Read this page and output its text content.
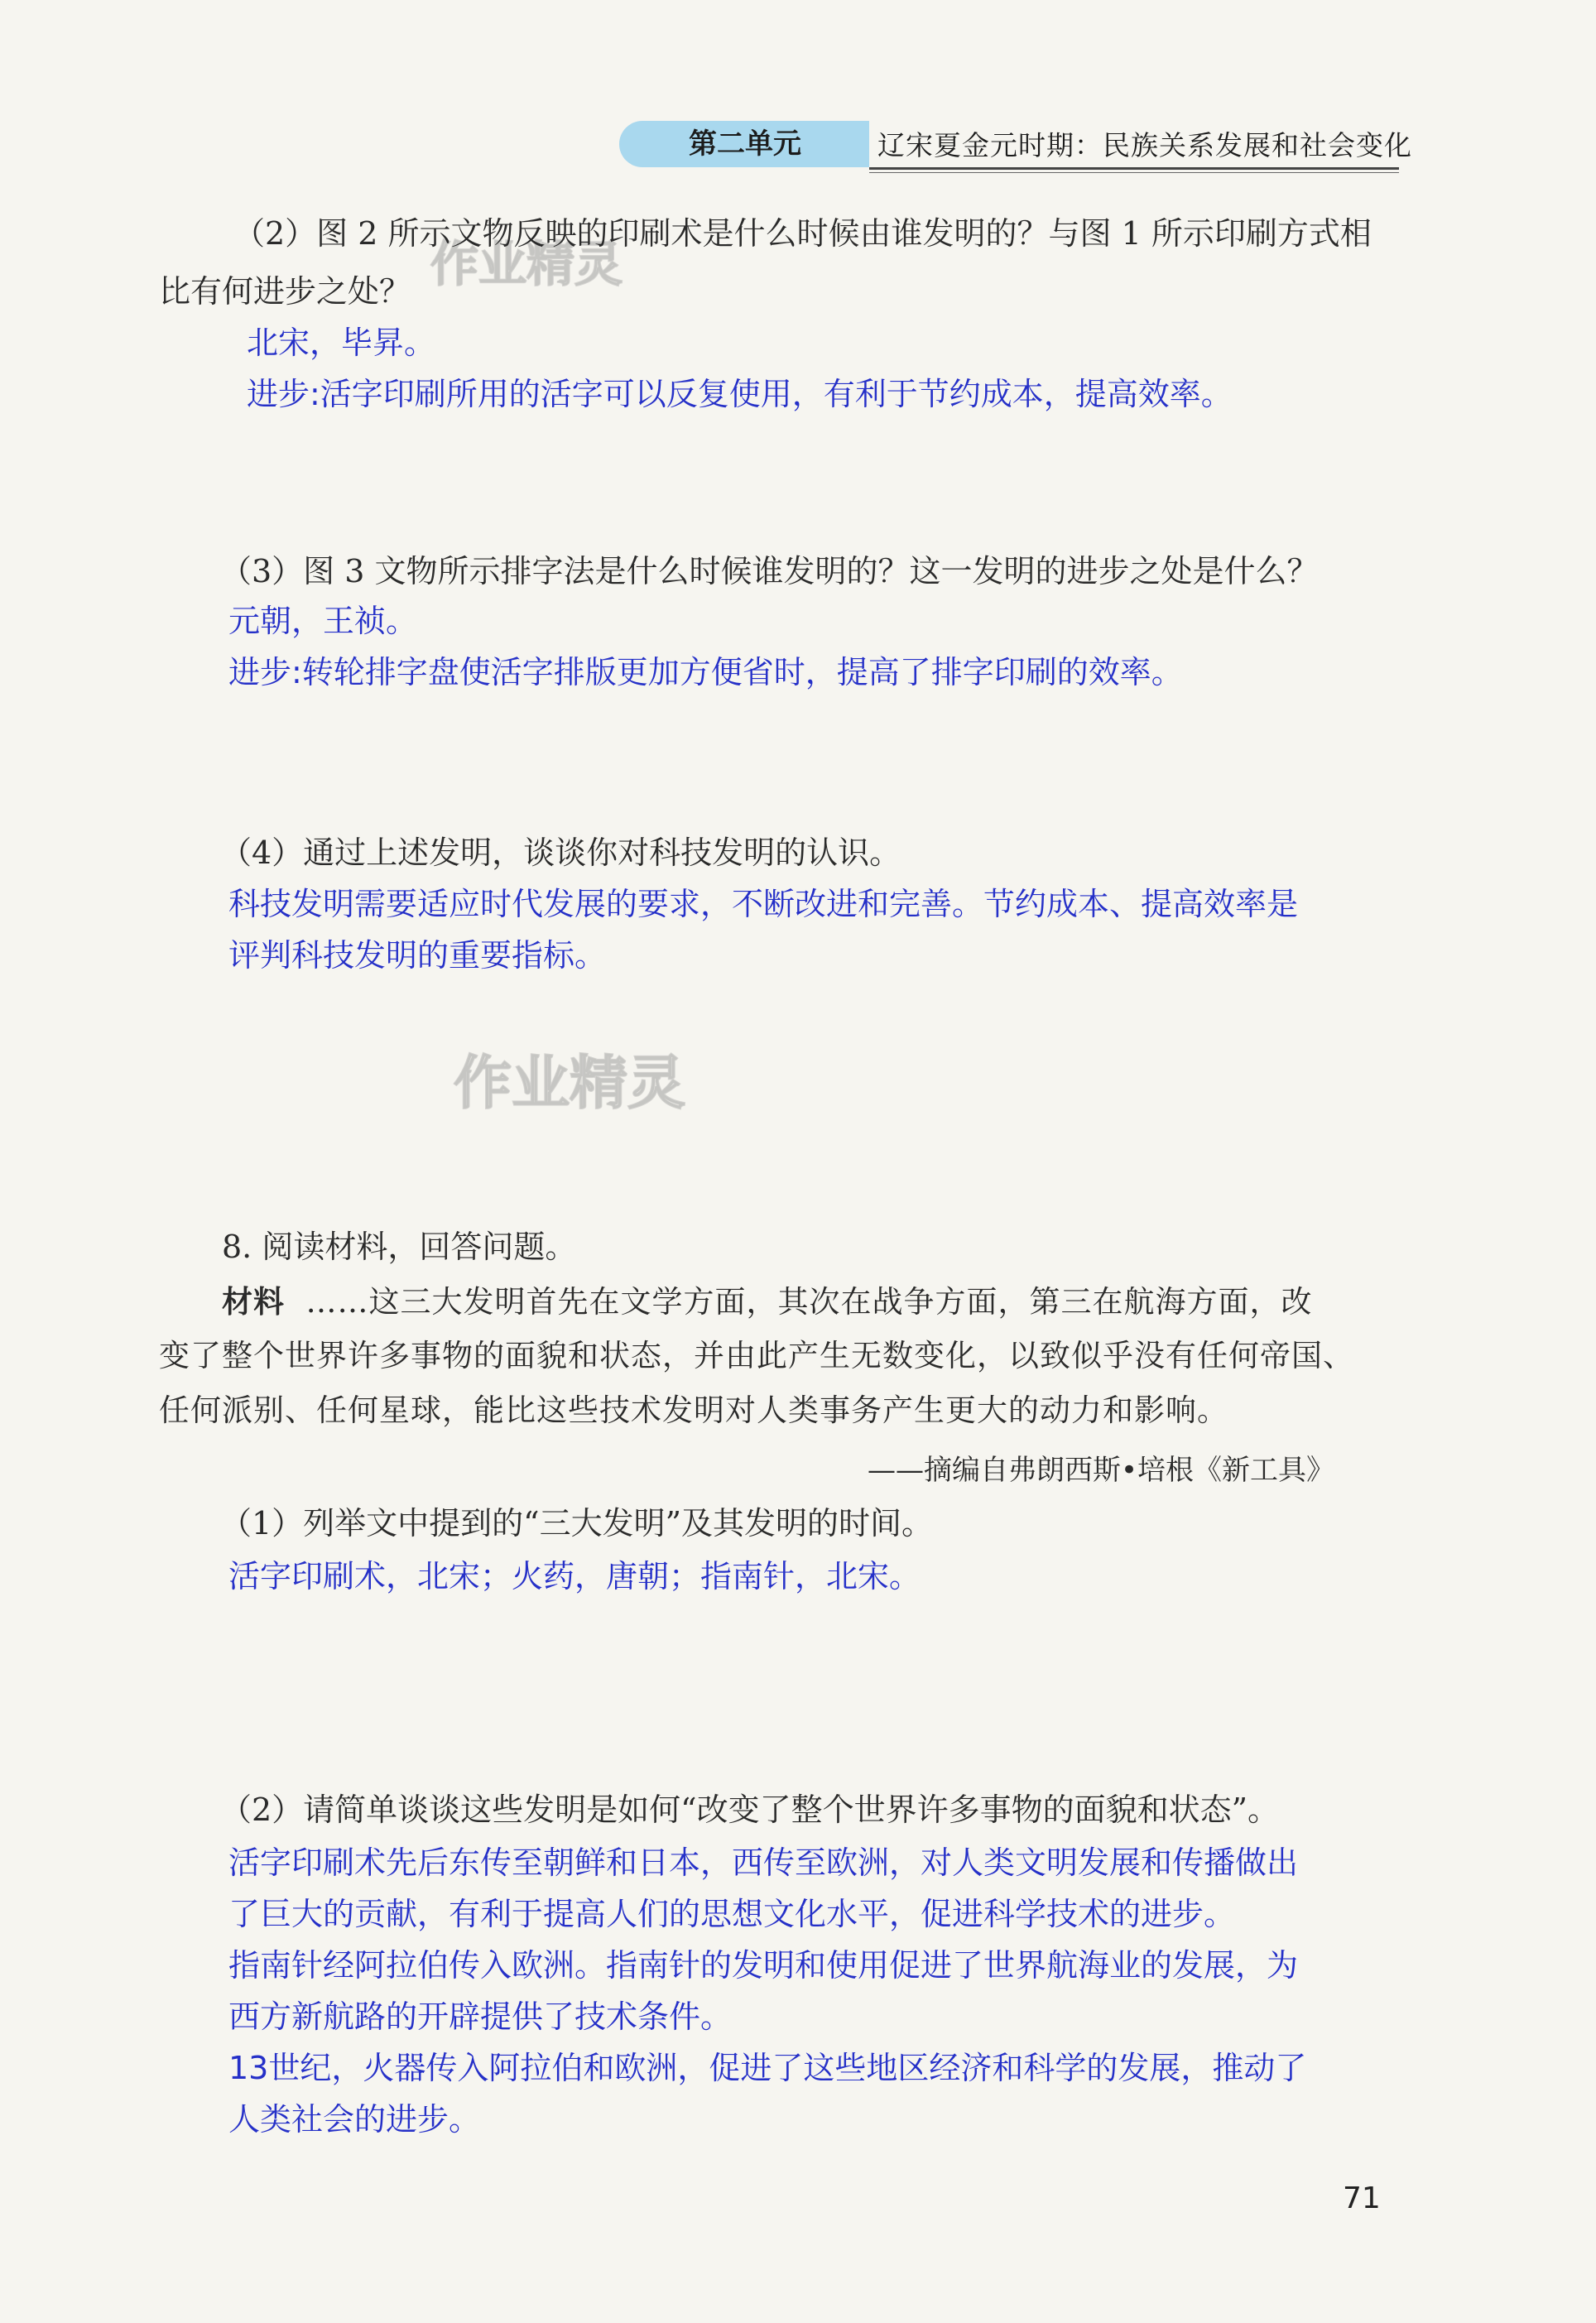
第二单元	辽宋夏金元时期：民族关系发展和社会变化
作业精灵
作业精灵
（2）图 2 所示文物反映的印刷术是什么时候由谁发明的？与图 1 所示印刷方式相
比有何进步之处？
北宋，毕昇。
进步:活字印刷所用的活字可以反复使用，有利于节约成本，提高效率。
（3）图 3 文物所示排字法是什么时候谁发明的？这一发明的进步之处是什么？
元朝，王祯。
进步:转轮排字盘使活字排版更加方便省时，提高了排字印刷的效率。
（4）通过上述发明，谈谈你对科技发明的认识。
科技发明需要适应时代发展的要求，不断改进和完善。节约成本、提高效率是
评判科技发明的重要指标。
8. 阅读材料，回答问题。
材料 ……这三大发明首先在文学方面，其次在战争方面，第三在航海方面，改
变了整个世界许多事物的面貌和状态，并由此产生无数变化，以致似乎没有任何帝国、
任何派别、任何星球，能比这些技术发明对人类事务产生更大的动力和影响。
——摘编自弗朗西斯•培根《新工具》
（1）列举文中提到的“三大发明”及其发明的时间。
活字印刷术，北宋；火药，唐朝；指南针，北宋。
（2）请简单谈谈这些发明是如何“改变了整个世界许多事物的面貌和状态”。
活字印刷术先后东传至朝鲜和日本，西传至欧洲，对人类文明发展和传播做出
了巨大的贡献，有利于提高人们的思想文化水平，促进科学技术的进步。
指南针经阿拉伯传入欧洲。指南针的发明和使用促进了世界航海业的发展，为
西方新航路的开辟提供了技术条件。
13世纪，火器传入阿拉伯和欧洲，促进了这些地区经济和科学的发展，推动了
人类社会的进步。
71
